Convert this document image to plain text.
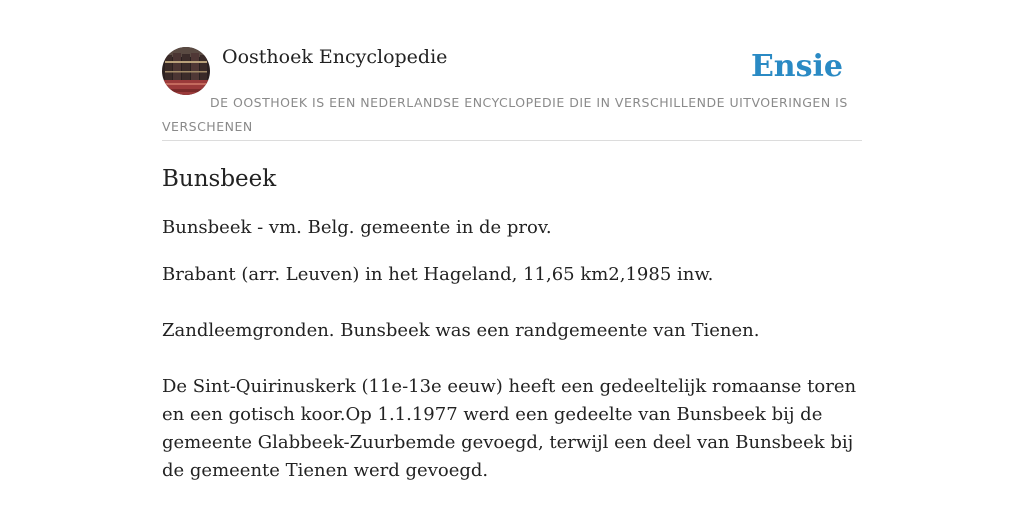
Oosthoek Encyclopedie	Ensie
DE OOSTHOEK IS EEN NEDERLANDSE ENCYCLOPEDIE DIE IN VERSCHILLENDE UITVOERINGEN IS VERSCHENEN
Bunsbeek

Bunsbeek - vm. Belg. gemeente in de prov.

Brabant (arr. Leuven) in het Hageland, 11,65 km2,1985 inw.

Zandleemgronden. Bunsbeek was een randgemeente van Tienen.

De Sint-Quirinuskerk (11e-13e eeuw) heeft een gedeeltelijk romaanse toren en een gotisch koor.Op 1.1.1977 werd een gedeelte van Bunsbeek bij de gemeente Glabbeek-Zuurbemde gevoegd, terwijl een deel van Bunsbeek bij de gemeente Tienen werd gevoegd.
